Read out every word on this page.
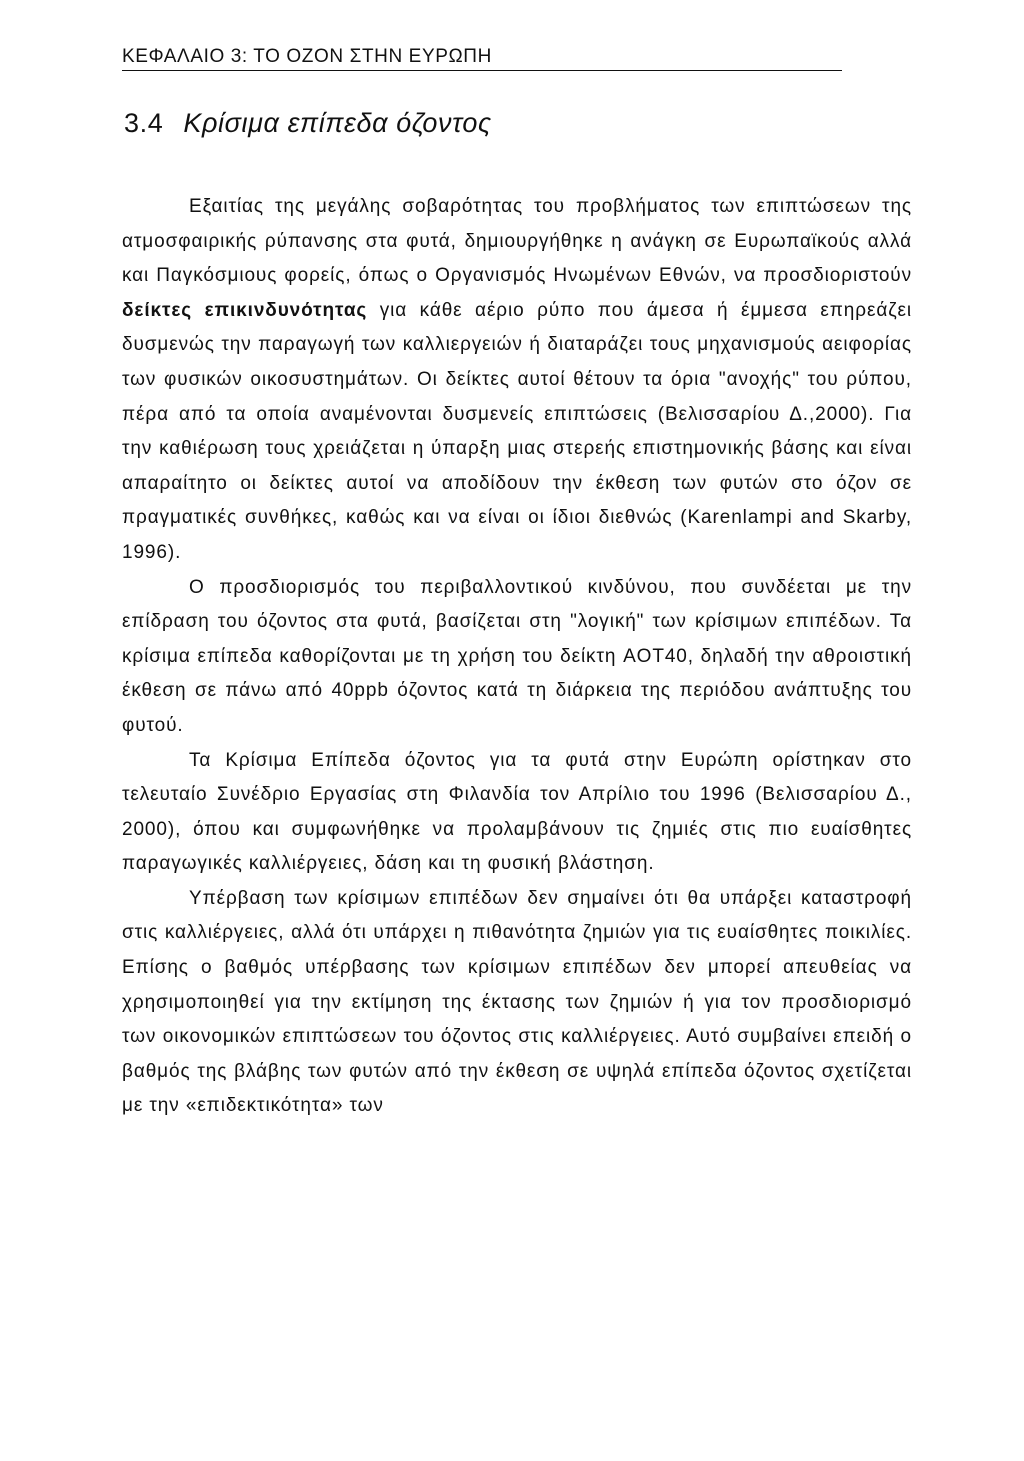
ΚΕΦΑΛΑΙΟ 3: ΤΟ ΟΖΟΝ ΣΤΗΝ ΕΥΡΩΠΗ
3.4 Κρίσιμα επίπεδα όζοντος

Εξαιτίας της μεγάλης σοβαρότητας του προβλήματος των επιπτώσεων της ατμοσφαιρικής ρύπανσης στα φυτά, δημιουργήθηκε η ανάγκη σε Ευρωπαϊκούς αλλά και Παγκόσμιους φορείς, όπως ο Οργανισμός Ηνωμένων Εθνών, να προσδιοριστούν δείκτες επικινδυνότητας για κάθε αέριο ρύπο που άμεσα ή έμμεσα επηρεάζει δυσμενώς την παραγωγή των καλλιεργειών ή διαταράζει τους μηχανισμούς αειφορίας των φυσικών οικοσυστημάτων. Οι δείκτες αυτοί θέτουν τα όρια "ανοχής" του ρύπου, πέρα από τα οποία αναμένονται δυσμενείς επιπτώσεις (Βελισσαρίου Δ.,2000). Για την καθιέρωση τους χρειάζεται η ύπαρξη μιας στερεής επιστημονικής βάσης και είναι απαραίτητο οι δείκτες αυτοί να αποδίδουν την έκθεση των φυτών στο όζον σε πραγματικές συνθήκες, καθώς και να είναι οι ίδιοι διεθνώς (Karenlampi and Skarby, 1996).

Ο προσδιορισμός του περιβαλλοντικού κινδύνου, που συνδέεται με την επίδραση του όζοντος στα φυτά, βασίζεται στη "λογική" των κρίσιμων επιπέδων. Τα κρίσιμα επίπεδα καθορίζονται με τη χρήση του δείκτη AOT40, δηλαδή την αθροιστική έκθεση σε πάνω από 40ppb όζοντος κατά τη διάρκεια της περιόδου ανάπτυξης του φυτού.

Τα Κρίσιμα Επίπεδα όζοντος για τα φυτά στην Ευρώπη ορίστηκαν στο τελευταίο Συνέδριο Εργασίας στη Φιλανδία τον Απρίλιο του 1996 (Βελισσαρίου Δ., 2000), όπου και συμφωνήθηκε να προλαμβάνουν τις ζημιές στις πιο ευαίσθητες παραγωγικές καλλιέργειες, δάση και τη φυσική βλάστηση.

Υπέρβαση των κρίσιμων επιπέδων δεν σημαίνει ότι θα υπάρξει καταστροφή στις καλλιέργειες, αλλά ότι υπάρχει η πιθανότητα ζημιών για τις ευαίσθητες ποικιλίες. Επίσης ο βαθμός υπέρβασης των κρίσιμων επιπέδων δεν μπορεί απευθείας να χρησιμοποιηθεί για την εκτίμηση της έκτασης των ζημιών ή για τον προσδιορισμό των οικονομικών επιπτώσεων του όζοντος στις καλλιέργειες. Αυτό συμβαίνει επειδή ο βαθμός της βλάβης των φυτών από την έκθεση σε υψηλά επίπεδα όζοντος σχετίζεται με την «επιδεκτικότητα» των
